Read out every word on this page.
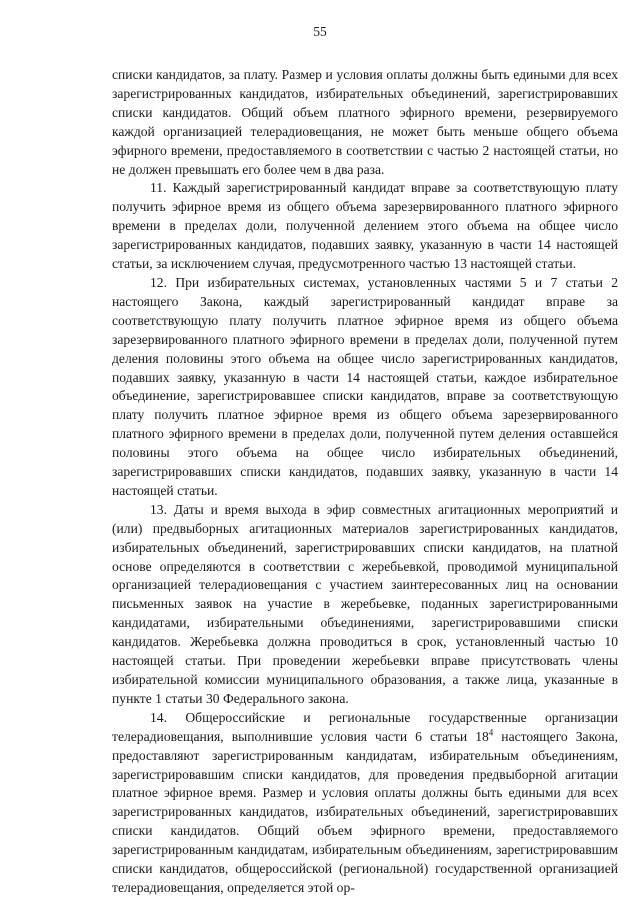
55

списки кандидатов, за плату. Размер и условия оплаты должны быть едиными для всех зарегистрированных кандидатов, избирательных объединений, зарегистрировавших списки кандидатов. Общий объем платного эфирного времени, резервируемого каждой организацией телерадиовещания, не может быть меньше общего объема эфирного времени, предоставляемого в соответствии с частью 2 настоящей статьи, но не должен превышать его более чем в два раза.

11. Каждый зарегистрированный кандидат вправе за соответствующую плату получить эфирное время из общего объема зарезервированного платного эфирного времени в пределах доли, полученной делением этого объема на общее число зарегистрированных кандидатов, подавших заявку, указанную в части 14 настоящей статьи, за исключением случая, предусмотренного частью 13 настоящей статьи.

12. При избирательных системах, установленных частями 5 и 7 статьи 2 настоящего Закона, каждый зарегистрированный кандидат вправе за соответствующую плату получить платное эфирное время из общего объема зарезервированного платного эфирного времени в пределах доли, полученной путем деления половины этого объема на общее число зарегистрированных кандидатов, подавших заявку, указанную в части 14 настоящей статьи, каждое избирательное объединение, зарегистрировавшее списки кандидатов, вправе за соответствующую плату получить платное эфирное время из общего объема зарезервированного платного эфирного времени в пределах доли, полученной путем деления оставшейся половины этого объема на общее число избирательных объединений, зарегистрировавших списки кандидатов, подавших заявку, указанную в части 14 настоящей статьи.

13. Даты и время выхода в эфир совместных агитационных мероприятий и (или) предвыборных агитационных материалов зарегистрированных кандидатов, избирательных объединений, зарегистрировавших списки кандидатов, на платной основе определяются в соответствии с жеребьевкой, проводимой муниципальной организацией телерадиовещания с участием заинтересованных лиц на основании письменных заявок на участие в жеребьевке, поданных зарегистрированными кандидатами, избирательными объединениями, зарегистрировавшими списки кандидатов. Жеребьевка должна проводиться в срок, установленный частью 10 настоящей статьи. При проведении жеребьевки вправе присутствовать члены избирательной комиссии муниципального образования, а также лица, указанные в пункте 1 статьи 30 Федерального закона.

14. Общероссийские и региональные государственные организации телерадиовещания, выполнившие условия части 6 статьи $18^4$ настоящего Закона, предоставляют зарегистрированным кандидатам, избирательным объединениям, зарегистрировавшим списки кандидатов, для проведения предвыборной агитации платное эфирное время. Размер и условия оплаты должны быть едиными для всех зарегистрированных кандидатов, избирательных объединений, зарегистрировавших списки кандидатов. Общий объем эфирного времени, предоставляемого зарегистрированным кандидатам, избирательным объединениям, зарегистрировавшим списки кандидатов, общероссийской (региональной) государственной организацией телерадиовещания, определяется этой ор-
